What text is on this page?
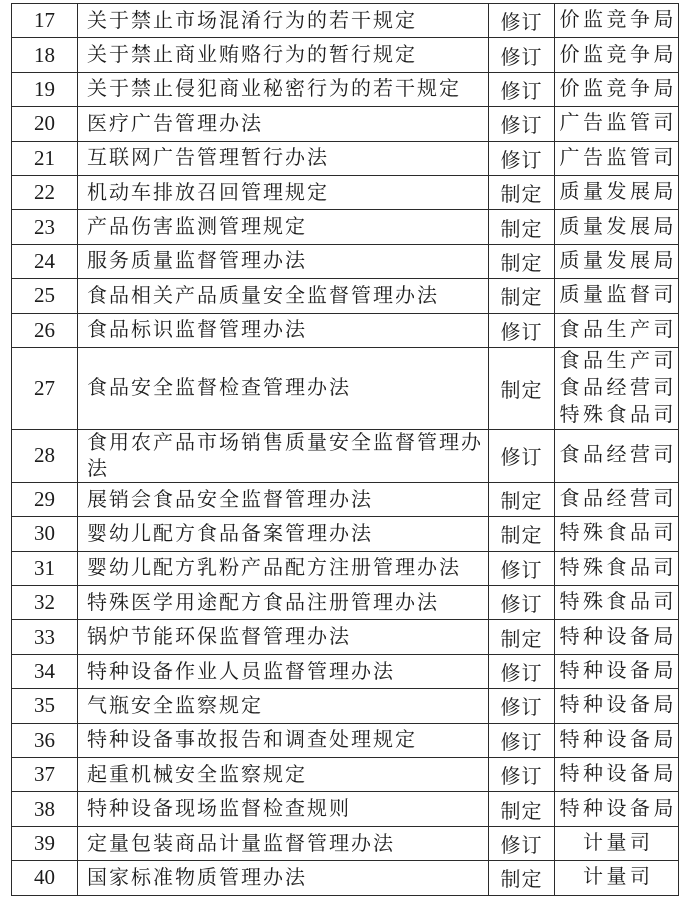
17	关于禁止市场混淆行为的若干规定	修订	价监竞争局

18	关于禁止商业贿赂行为的暂行规定	修订	价监竞争局

19	关于禁止侵犯商业秘密行为的若干规定	修订	价监竞争局

20	医疗广告管理办法	修订	广告监管司

21	互联网广告管理暂行办法	修订	广告监管司

22	机动车排放召回管理规定	制定	质量发展局

23	产品伤害监测管理规定	制定	质量发展局

24	服务质量监督管理办法	制定	质量发展局

25	食品相关产品质量安全监督管理办法	制定	质量监督司

26	食品标识监督管理办法	修订	食品生产司

27	食品安全监督检查管理办法	制定	食品生产司
食品经营司
特殊食品司

28	食用农产品市场销售质量安全监督管理办法	修订	食品经营司

29	展销会食品安全监督管理办法	制定	食品经营司

30	婴幼儿配方食品备案管理办法	制定	特殊食品司

31	婴幼儿配方乳粉产品配方注册管理办法	修订	特殊食品司

32	特殊医学用途配方食品注册管理办法	修订	特殊食品司

33	锅炉节能环保监督管理办法	制定	特种设备局

34	特种设备作业人员监督管理办法	修订	特种设备局

35	气瓶安全监察规定	修订	特种设备局

36	特种设备事故报告和调查处理规定	修订	特种设备局

37	起重机械安全监察规定	修订	特种设备局

38	特种设备现场监督检查规则	制定	特种设备局

39	定量包装商品计量监督管理办法	修订	计量司

40	国家标准物质管理办法	制定	计量司
